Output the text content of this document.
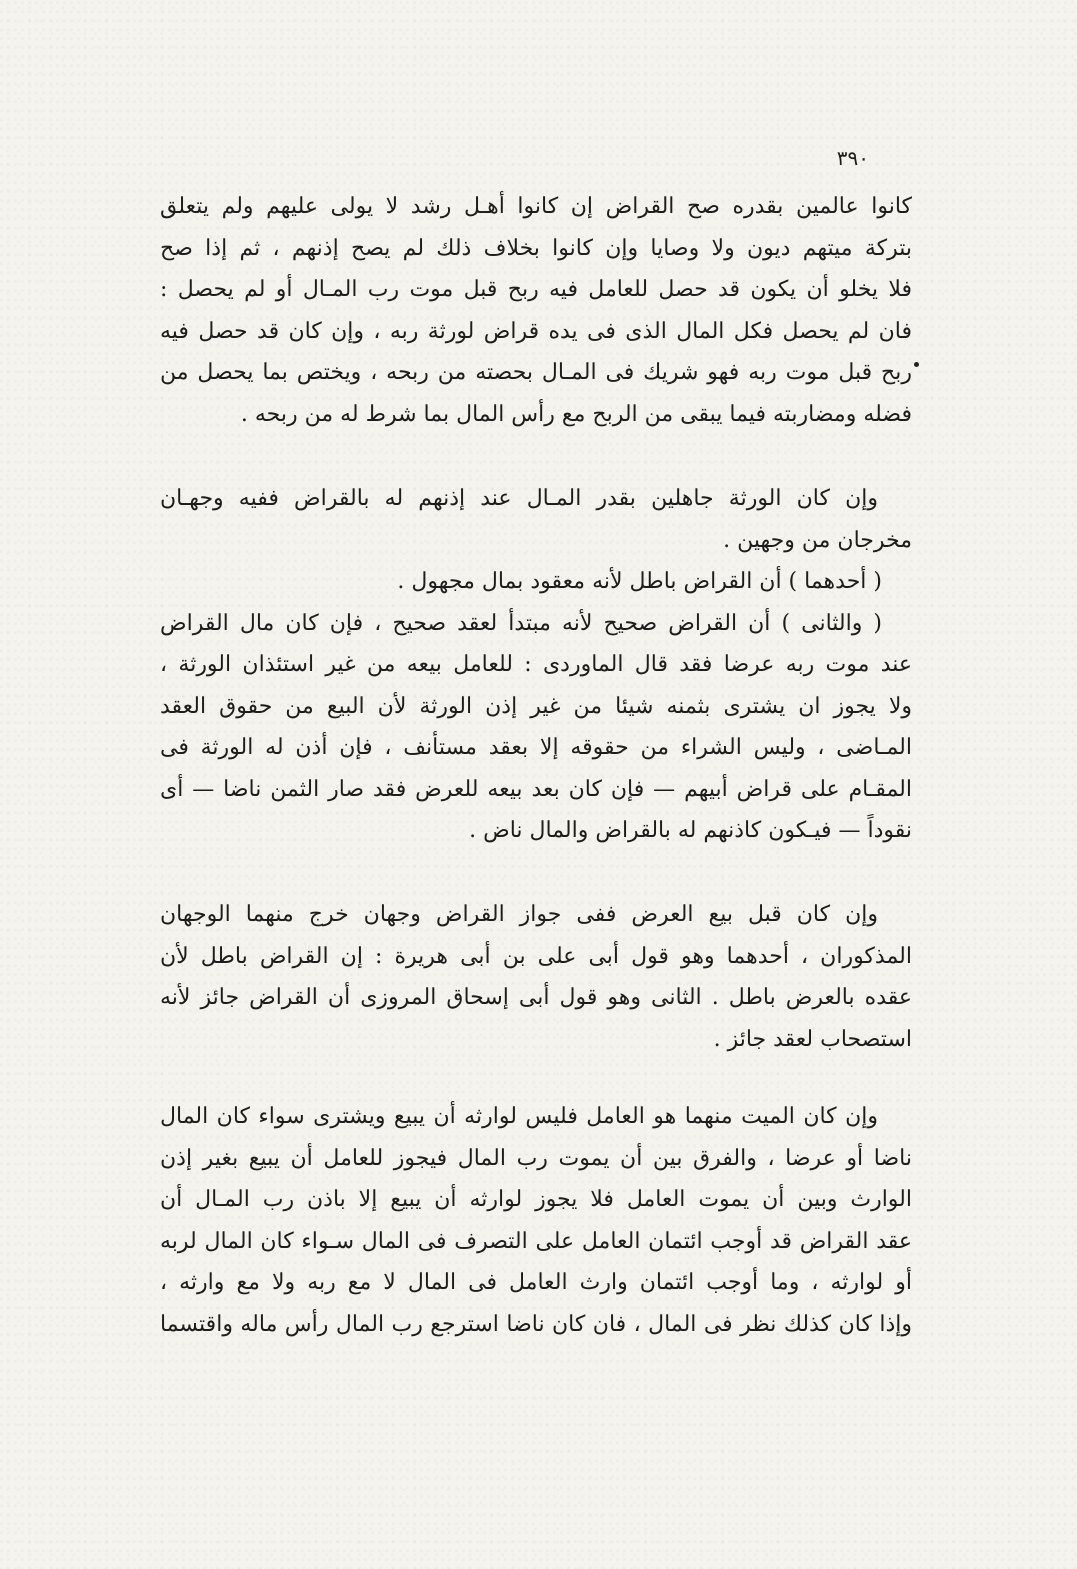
٣٩٠
كانوا عالمين بقدره صح القراض إن كانوا أهـل رشد لا يولى عليهم ولم يتعلق
بتركة ميتهم ديون ولا وصايا وإن كانوا بخلاف ذلك لم يصح إذنهم ، ثم إذا صح
فلا يخلو أن يكون قد حصل للعامل فيه ربح قبل موت رب المـال أو لم يحصل :
فان لم يحصل فكل المال الذى فى يده قراض لورثة ربه ، وإن كان قد حصل فيه
ربح قبل موت ربه فهو شريك فى المـال بحصته من ربحه ، ويختص بما يحصل من
فضله ومضاربته فيما يبقى من الربح مع رأس المال بما شرط له من ربحه .
وإن كان الورثة جاهلين بقدر المـال عند إذنهم له بالقراض ففيه وجهـان
مخرجان من وجهين .
( أحدهما ) أن القراض باطل لأنه معقود بمال مجهول .
( والثانى ) أن القراض صحيح لأنه مبتدأ لعقد صحيح ، فإن كان مال القراض
عند موت ربه عرضا فقد قال الماوردى : للعامل بيعه من غير استئذان الورثة ،
ولا يجوز ان يشترى بثمنه شيئا من غير إذن الورثة لأن البيع من حقوق العقد
المـاضى ، وليس الشراء من حقوقه إلا بعقد مستأنف ، فإن أذن له الورثة فى
المقـام على قراض أبيهم — فإن كان بعد بيعه للعرض فقد صار الثمن ناضا — أى
نقوداً — فيـكون كاذنهم له بالقراض والمال ناض .
وإن كان قبل بيع العرض ففى جواز القراض وجهان خرج منهما الوجهان
المذكوران ، أحدهما وهو قول أبى على بن أبى هريرة : إن القراض باطل لأن
عقده بالعرض باطل . الثانى وهو قول أبى إسحاق المروزى أن القراض جائز لأنه
استصحاب لعقد جائز .
وإن كان الميت منهما هو العامل فليس لوارثه أن يبيع ويشترى سواء كان المال
ناضا أو عرضا ، والفرق بين أن يموت رب المال فيجوز للعامل أن يبيع بغير إذن
الوارث وبين أن يموت العامل فلا يجوز لوارثه أن يبيع إلا باذن رب المـال أن
عقد القراض قد أوجب ائتمان العامل على التصرف فى المال سـواء كان المال لربه
أو لوارثه ، وما أوجب ائتمان وارث العامل فى المال لا مع ربه ولا مع وارثه ،
وإذا كان كذلك نظر فى المال ، فان كان ناضا استرجع رب المال رأس ماله واقتسما
